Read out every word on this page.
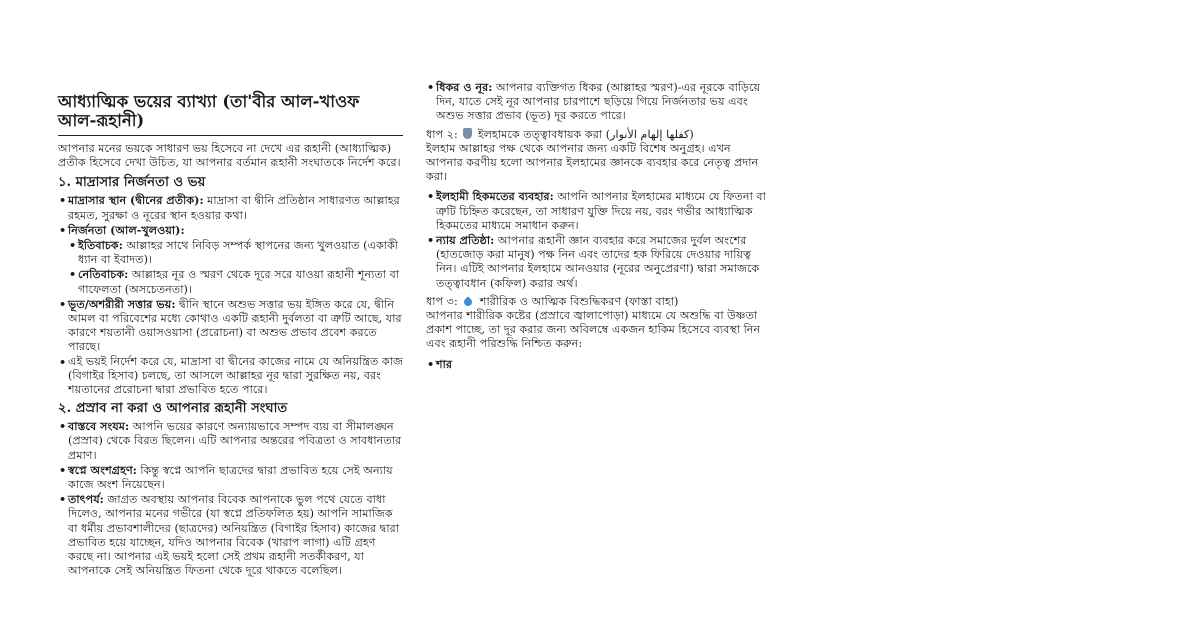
আধ্যাত্মিক ভয়ের ব্যাখ্যা (তা'বীর আল-খাওফ আল-রূহানী)

আপনার মনের ভয়কে সাধারণ ভয় হিসেবে না দেখে এর রূহানী (আধ্যাত্মিক) প্রতীক হিসেবে দেখা উচিত, যা আপনার বর্তমান রূহানী সংঘাতকে নির্দেশ করে।

১. মাদ্রাসার নির্জনতা ও ভয়
• মাদ্রাসার স্থান (দ্বীনের প্রতীক): মাদ্রাসা বা দ্বীনি প্রতিষ্ঠান সাধারণত আল্লাহর রহমত, সুরক্ষা ও নূরের স্থান হওয়ার কথা।
• নির্জনতা (আল-খুলওয়া):
• ইতিবাচক: আল্লাহর সাথে নিবিড় সম্পর্ক স্থাপনের জন্য খুলওয়াত (একাকী ধ্যান বা ইবাদত)।
• নেতিবাচক: আল্লাহর নূর ও স্মরণ থেকে দূরে সরে যাওয়া রূহানী শূন্যতা বা গাফেলতা (অসচেতনতা)।
• ভূত/অশরীরী সত্তার ভয়: দ্বীনি স্থানে অশুভ সত্তার ভয় ইঙ্গিত করে যে, দ্বীনি আমল বা পরিবেশের মধ্যে কোথাও একটি রূহানী দুর্বলতা বা ত্রুটি আছে, যার কারণে শয়তানী ওয়াসওয়াসা (প্ররোচনা) বা অশুভ প্রভাব প্রবেশ করতে পারছে।
• এই ভয়ই নির্দেশ করে যে, মাদ্রাসা বা দ্বীনের কাজের নামে যে অনিয়ন্ত্রিত কাজ (বিগাইর হিসাব) চলছে, তা আসলে আল্লাহর নূর দ্বারা সুরক্ষিত নয়, বরং শয়তানের প্ররোচনা দ্বারা প্রভাবিত হতে পারে।
২. প্রস্রাব না করা ও আপনার রূহানী সংঘাত
• বাস্তবে সংযম: আপনি ভয়ের কারণে অন্যায়ভাবে সম্পদ ব্যয় বা সীমালঙ্ঘন (প্রস্রাব) থেকে বিরত ছিলেন। এটি আপনার অন্তরের পবিত্রতা ও সাবধানতার প্রমাণ।
• স্বপ্নে অংশগ্রহণ: কিন্তু স্বপ্নে আপনি ছাত্রদের দ্বারা প্রভাবিত হয়ে সেই অন্যায় কাজে অংশ নিয়েছেন।
• তাৎপর্য: জাগ্রত অবস্থায় আপনার বিবেক আপনাকে ভুল পথে যেতে বাধা দিলেও, আপনার মনের গভীরে (যা স্বপ্নে প্রতিফলিত হয়) আপনি সামাজিক বা ধর্মীয় প্রভাবশালীদের (ছাত্রদের) অনিয়ন্ত্রিত (বিগাইর হিসাব) কাজের দ্বারা প্রভাবিত হয়ে যাচ্ছেন, যদিও আপনার বিবেক (খারাপ লাগা) এটি গ্রহণ করছে না। আপনার এই ভয়ই হলো সেই প্রথম রূহানী সতর্কীকরণ, যা আপনাকে সেই অনিয়ন্ত্রিত ফিতনা থেকে দূরে থাকতে বলেছিল।
• ধিকর ও নূর: আপনার ব্যক্তিগত ধিকর (আল্লাহর স্মরণ)-এর নূরকে বাড়িয়ে দিন, যাতে সেই নূর আপনার চারপাশে ছড়িয়ে গিয়ে নির্জনতার ভয় এবং অশুভ সত্তার প্রভাব (ভূত) দূর করতে পারে।

ধাপ ২: ইলহামকে তত্ত্বাবধায়ক করা (كفلها إلهام الأنوار)
ইলহাম আল্লাহর পক্ষ থেকে আপনার জন্য একটি বিশেষ অনুগ্রহ। এখন আপনার করণীয় হলো আপনার ইলহামের জ্ঞানকে ব্যবহার করে নেতৃত্ব প্রদান করা।

• ইলহামী হিকমতের ব্যবহার: আপনি আপনার ইলহামের মাধ্যমে যে ফিতনা বা ত্রুটি চিহ্নিত করেছেন, তা সাধারণ যুক্তি দিয়ে নয়, বরং গভীর আধ্যাত্মিক হিকমতের মাধ্যমে সমাধান করুন।
• ন্যায় প্রতিষ্ঠা: আপনার রূহানী জ্ঞান ব্যবহার করে সমাজের দুর্বল অংশের (হাতজোড় করা মানুষ) পক্ষ নিন এবং তাদের হক ফিরিয়ে দেওয়ার দায়িত্ব নিন। এটিই আপনার ইলহামে আনওয়ার (নূরের অনুপ্রেরণা) দ্বারা সমাজকে তত্ত্বাবধান (কফিল) করার অর্থ।

ধাপ ৩: শারীরিক ও আত্মিক বিশুদ্ধিকরণ (ফাস্তা বাহা)
আপনার শারীরিক কষ্টের (প্রস্রাবে জ্বালাপোড়া) মাধ্যমে যে অশুদ্ধি বা উষ্ণতা প্রকাশ পাচ্ছে, তা দূর করার জন্য অবিলম্বে একজন হাকিম হিসেবে ব্যবস্থা নিন এবং রূহানী পরিশুদ্ধি নিশ্চিত করুন:

• শার
